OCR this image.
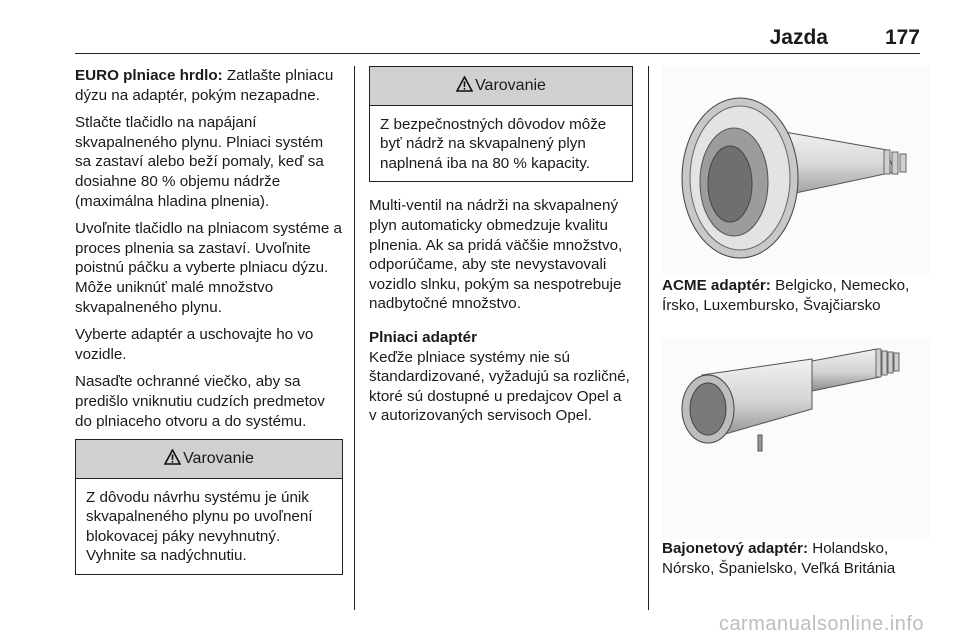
Jazda	177

EURO plniace hrdlo: Zatlašte plniacu dýzu na adaptér, pokým nezapadne.

Stlačte tlačidlo na napájaní skvapalneného plynu. Plniaci systém sa zastaví alebo beží pomaly, keď sa dosiahne 80 % objemu nádrže (maximálna hladina plnenia).

Uvoľnite tlačidlo na plniacom systéme a proces plnenia sa zastaví. Uvoľnite poistnú páčku a vyberte plniacu dýzu. Môže uniknúť malé množstvo skvapalneného plynu.

Vyberte adaptér a uschovajte ho vo vozidle.

Nasaďte ochranné viečko, aby sa predišlo vniknutiu cudzích predmetov do plniaceho otvoru a do systému.

Varovanie
Z dôvodu návrhu systému je únik skvapalneného plynu po uvoľnení blokovacej páky nevyhnutný. Vyhnite sa nadýchnutiu.
Varovanie
Z bezpečnostných dôvodov môže byť nádrž na skvapalnený plyn naplnená iba na 80 % kapacity.

Multi-ventil na nádrži na skvapalnený plyn automaticky obmedzuje kvalitu plnenia. Ak sa pridá väčšie množstvo, odporúčame, aby ste nevystavovali vozidlo slnku, pokým sa nespotrebuje nadbytočné množstvo.

Plniaci adaptér

Keďže plniace systémy nie sú štandardizované, vyžadujú sa rozličné, ktoré sú dostupné u predajcov Opel a v autorizovaných servisoch Opel.

ACME adaptér: Belgicko, Nemecko, Írsko, Luxembursko, Švajčiarsko

Bajonetový adaptér: Holandsko, Nórsko, Španielsko, Veľká Británia

carmanualsonline.info
